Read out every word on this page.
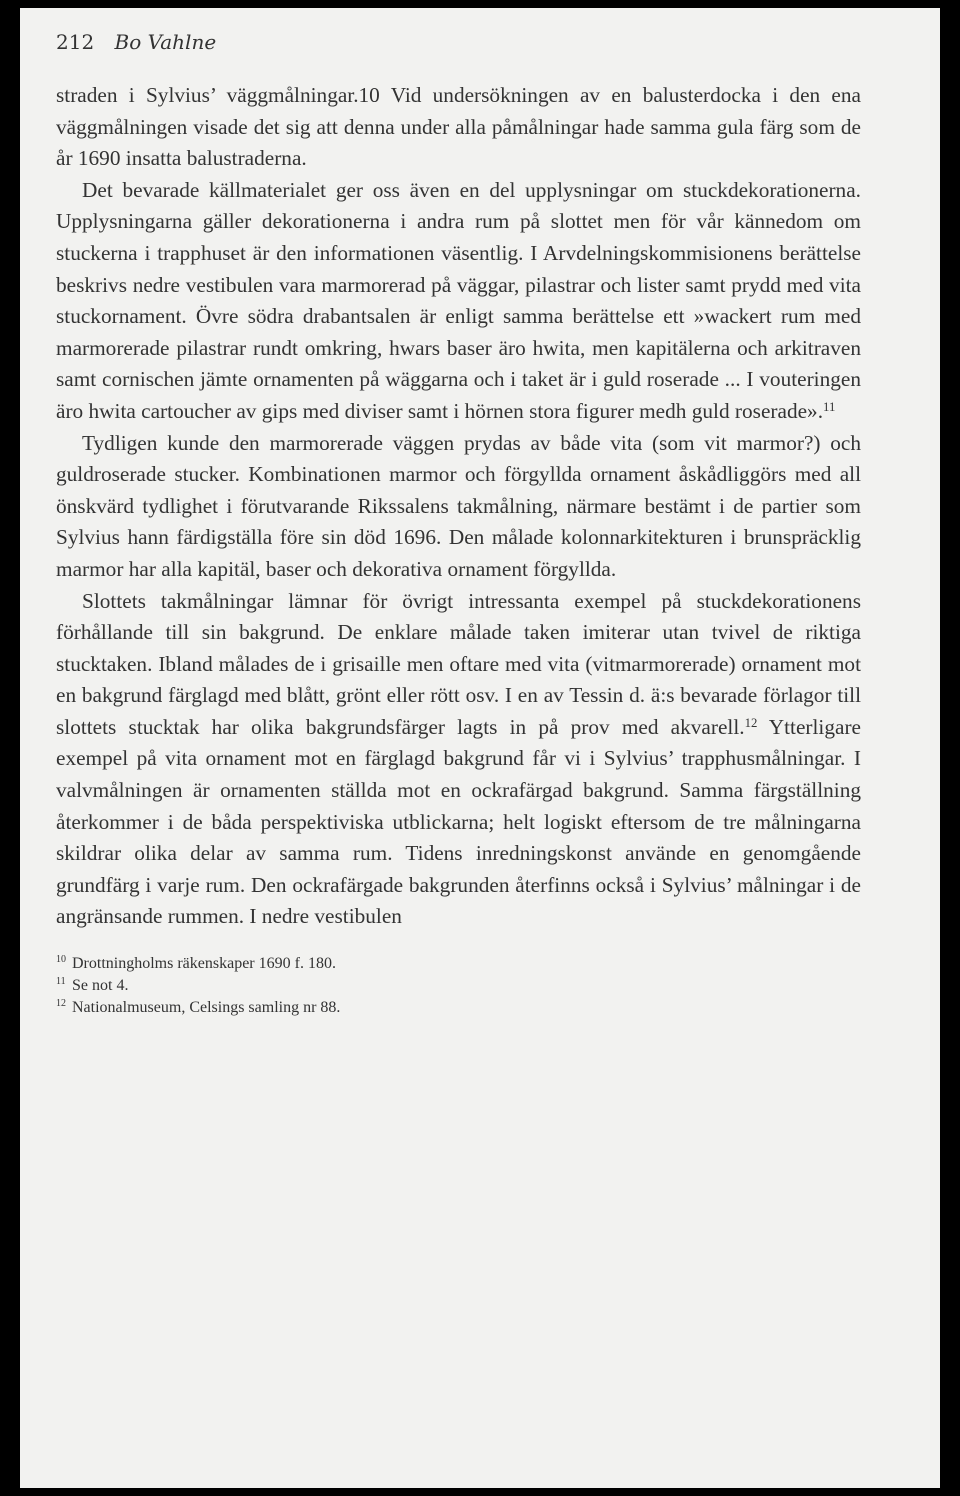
212 Bo Vahlne

straden i Sylvius’ väggmålningar.10 Vid undersökningen av en balusterdocka i den ena väggmålningen visade det sig att denna under alla påmålningar hade samma gula färg som de år 1690 insatta balustraderna.

Det bevarade källmaterialet ger oss även en del upplysningar om stuckdekorationerna. Upplysningarna gäller dekorationerna i andra rum på slottet men för vår kännedom om stuckerna i trapphuset är den informationen väsentlig. I Arvdelningskommisionens berättelse beskrivs nedre vestibulen vara marmorerad på väggar, pilastrar och lister samt prydd med vita stuckornament. Övre södra drabantsalen är enligt samma berättelse ett »wackert rum med marmorerade pilastrar rundt omkring, hwars baser äro hwita, men kapitälerna och arkitraven samt cornischen jämte ornamenten på wäggarna och i taket är i guld roserade ... I vouteringen äro hwita cartoucher av gips med diviser samt i hörnen stora figurer medh guld roserade».$^{11}$

Tydligen kunde den marmorerade väggen prydas av både vita (som vit marmor?) och guldroserade stucker. Kombinationen marmor och förgyllda ornament åskådliggörs med all önskvärd tydlighet i förutvarande Rikssalens takmålning, närmare bestämt i de partier som Sylvius hann färdigställa före sin död 1696. Den målade kolonnarkitekturen i brunspräcklig marmor har alla kapitäl, baser och dekorativa ornament förgyllda.

Slottets takmålningar lämnar för övrigt intressanta exempel på stuckdekorationens förhållande till sin bakgrund. De enklare målade taken imiterar utan tvivel de riktiga stucktaken. Ibland målades de i grisaille men oftare med vita (vitmarmorerade) ornament mot en bakgrund färglagd med blått, grönt eller rött osv. I en av Tessin d. ä:s bevarade förlagor till slottets stucktak har olika bakgrundsfärger lagts in på prov med akvarell.$^{12}$ Ytterligare exempel på vita ornament mot en färglagd bakgrund får vi i Sylvius’ trapphusmålningar. I valvmålningen är ornamenten ställda mot en ockrafärgad bakgrund. Samma färgställning återkommer i de båda perspektiviska utblickarna; helt logiskt eftersom de tre målningarna skildrar olika delar av samma rum. Tidens inredningskonst använde en genomgående grundfärg i varje rum. Den ockrafärgade bakgrunden återfinns också i Sylvius’ målningar i de angränsande rummen. I nedre vestibulen

10 Drottningholms räkenskaper 1690 f. 180.
11 Se not 4.
12 Nationalmuseum, Celsings samling nr 88.
